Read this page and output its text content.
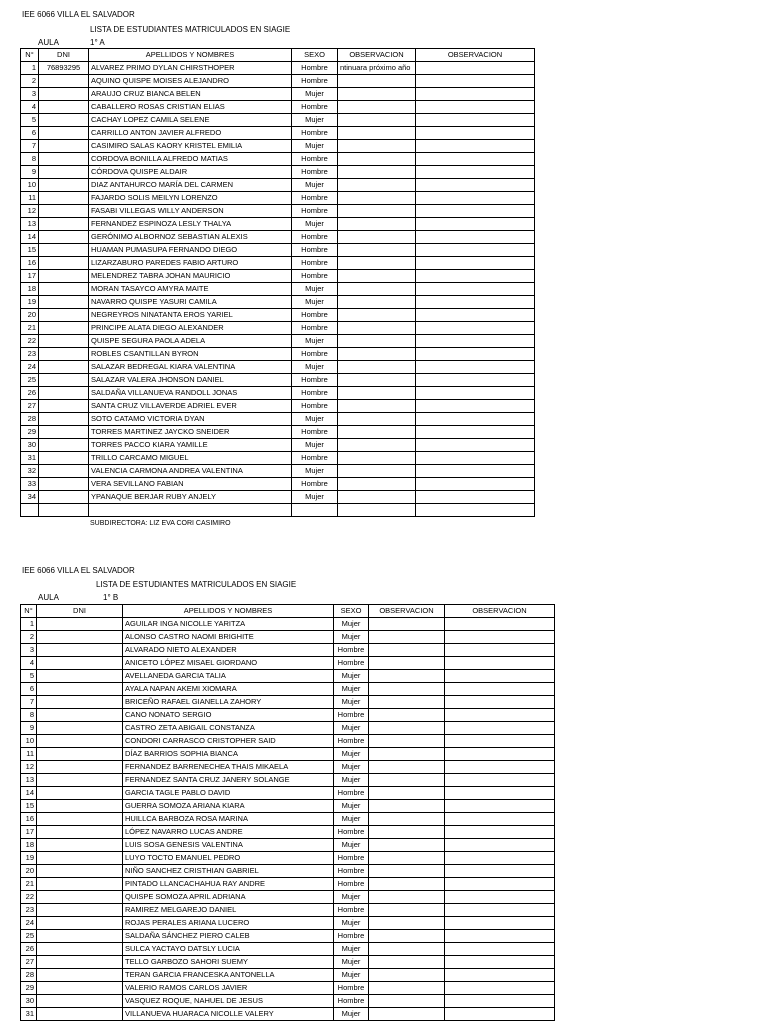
IEE 6066 VILLA EL SALVADOR
LISTA DE ESTUDIANTES MATRICULADOS EN SIAGIE
AULA	1° A
N°	DNI	APELLIDOS Y NOMBRES	SEXO	OBSERVACION	OBSERVACION
1	76893295	ALVAREZ PRIMO DYLAN CHIRSTHOPER	Hombre	ntinuara próximo año	
2		AQUINO QUISPE MOISES ALEJANDRO	Hombre		
3		ARAUJO CRUZ BIANCA BELEN	Mujer		
4		CABALLERO ROSAS CRISTIAN ELIAS	Hombre		
5		CACHAY LOPEZ CAMILA SELENE	Mujer		
6		CARRILLO ANTON JAVIER ALFREDO	Hombre		
7		CASIMIRO SALAS KAORY KRISTEL EMILIA	Mujer		
8		CORDOVA BONILLA ALFREDO MATIAS	Hombre		
9		CÓRDOVA QUISPE ALDAIR	Hombre		
10		DIAZ ANTAHURCO MARÍA DEL CARMEN	Mujer		
11		FAJARDO SOLIS MEILYN LORENZO	Hombre		
12		FASABI VILLEGAS WILLY ANDERSON	Hombre		
13		FERNANDEZ ESPINOZA LESLY THALYA	Mujer		
14		GERÓNIMO ALBORNOZ SEBASTIAN ALEXIS	Hombre		
15		HUAMAN PUMASUPA FERNANDO DIEGO	Hombre		
16		LIZARZABURO PAREDES FABIO ARTURO	Hombre		
17		MELENDREZ TABRA JOHAN MAURICIO	Hombre		
18		MORAN TASAYCO AMYRA MAITE	Mujer		
19		NAVARRO QUISPE YASURI CAMILA	Mujer		
20		NEGREYROS NINATANTA EROS YARIEL	Hombre		
21		PRINCIPE ALATA DIEGO ALEXANDER	Hombre		
22		QUISPE SEGURA PAOLA ADELA	Mujer		
23		ROBLES CSANTILLAN BYRON	Hombre		
24		SALAZAR BEDREGAL KIARA VALENTINA	Mujer		
25		SALAZAR VALERA JHONSON DANIEL	Hombre		
26		SALDAÑA VILLANUEVA RANDOLL JONAS	Hombre		
27		SANTA CRUZ VILLAVERDE ADRIEL EVER	Hombre		
28		SOTO CATAMO VICTORIA DYAN	Mujer		
29		TORRES MARTINEZ JAYCKO SNEIDER	Hombre		
30		TORRES PACCO KIARA YAMILLE	Mujer		
31		TRILLO CARCAMO MIGUEL	Hombre		
32		VALENCIA CARMONA ANDREA VALENTINA	Mujer		
33		VERA SEVILLANO FABIAN	Hombre		
34		YPANAQUE BERJAR RUBY ANJELY	Mujer		

SUBDIRECTORA: LIZ EVA CORI CASIMIRO
IEE 6066 VILLA EL SALVADOR
LISTA DE ESTUDIANTES MATRICULADOS EN SIAGIE
AULA	1° B
N°	DNI	APELLIDOS Y NOMBRES	SEXO	OBSERVACION	OBSERVACION
1		AGUILAR INGA NICOLLE YARITZA	Mujer		
2		ALONSO CASTRO NAOMI BRIGHITE	Mujer		
3		ALVARADO NIETO ALEXANDER	Hombre		
4		ANICETO LÓPEZ MISAEL GIORDANO	Hombre		
5		AVELLANEDA GARCIA TALIA	Mujer		
6		AYALA NAPAN AKEMI XIOMARA	Mujer		
7		BRICEÑO RAFAEL GIANELLA ZAHORY	Mujer		
8		CANO NONATO SERGIO	Hombre		
9		CASTRO ZETA ABIGAIL CONSTANZA	Mujer		
10		CONDORI CARRASCO CRISTOPHER SAID	Hombre		
11		DÍAZ BARRIOS SOPHIA BIANCA	Mujer		
12		FERNANDEZ BARRENECHEA THAIS MIKAELA	Mujer		
13		FERNANDEZ SANTA CRUZ JANERY SOLANGE	Mujer		
14		GARCIA TAGLE PABLO DAVID	Hombre		
15		GUERRA SOMOZA ARIANA KIARA	Mujer		
16		HUILLCA BARBOZA ROSA MARINA	Mujer		
17		LÓPEZ NAVARRO LUCAS ANDRE	Hombre		
18		LUIS SOSA GENESIS VALENTINA	Mujer		
19		LUYO TOCTO EMANUEL PEDRO	Hombre		
20		NIÑO SANCHEZ CRISTHIAN GABRIEL	Hombre		
21		PINTADO LLANCACHAHUA RAY ANDRE	Hombre		
22		QUISPE SOMOZA APRIL ADRIANA	Mujer		
23		RAMIREZ MELGAREJO DANIEL	Hombre		
24		ROJAS PERALES ARIANA LUCERO	Mujer		
25		SALDAÑA SÁNCHEZ PIERO CALEB	Hombre		
26		SULCA YACTAYO DATSLY LUCIA	Mujer		
27		TELLO GARBOZO SAHORI SUEMY	Mujer		
28		TERAN GARCIA FRANCESKA ANTONELLA	Mujer		
29		VALERIO RAMOS CARLOS JAVIER	Hombre		
30		VASQUEZ ROQUE, NAHUEL DE JESUS	Hombre		
31		VILLANUEVA HUARACA NICOLLE VALERY	Mujer		
